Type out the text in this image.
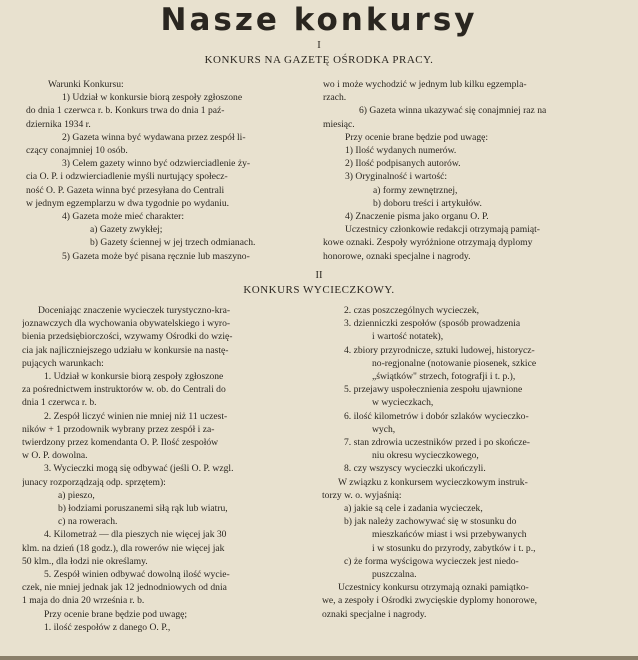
Nasze konkursy
I
KONKURS NA GAZETĘ OŚRODKA PRACY.
Warunki Konkursu:
1) Udział w konkursie biorą zespoły zgłoszone
do dnia 1 czerwca r. b. Konkurs trwa do dnia 1 paź-
dziernika 1934 r.
2) Gazeta winna być wydawana przez zespół li-
czący conajmniej 10 osób.
3) Celem gazety winno być odzwierciadlenie ży-
cia O. P. i odzwierciadlenie myśli nurtujący społecz-
ność O. P. Gazeta winna być przesyłana do Centrali
w jednym egzemplarzu w dwa tygodnie po wydaniu.
4) Gazeta może mieć charakter:
a) Gazety zwykłej;
b) Gazety ściennej w jej trzech odmianach.
5) Gazeta może być pisana ręcznie lub maszyno-
wo i może wychodzić w jednym lub kilku egzempla-
rzach.
6) Gazeta winna ukazywać się conajmniej raz na
miesiąc.
Przy ocenie brane będzie pod uwagę:
1) Ilość wydanych numerów.
2) Ilość podpisanych autorów.
3) Oryginalność i wartość:
a) formy zewnętrznej,
b) doboru treści i artykułów.
4) Znaczenie pisma jako organu O. P.
Uczestnicy członkowie redakcji otrzymają pamiąt-
kowe oznaki. Zespoły wyróżnione otrzymają dyplomy
honorowe, oznaki specjalne i nagrody.
II
KONKURS WYCIECZKOWY.
Doceniając znaczenie wycieczek turystyczno-kra-
joznawczych dla wychowania obywatelskiego i wyro-
bienia przedsiębiorczości, wzywamy Ośrodki do wzię-
cia jak najliczniejszego udziału w konkursie na nastę-
pujących warunkach:
1. Udział w konkursie biorą zespoły zgłoszone
za pośrednictwem instruktorów w. ob. do Centrali do
dnia 1 czerwca r. b.
2. Zespół liczyć winien nie mniej niż 11 uczest-
ników + 1 przodownik wybrany przez zespół i za-
twierdzony przez komendanta O. P. Ilość zespołów
w O. P. dowolna.
3. Wycieczki mogą się odbywać (jeśli O. P. wzgl.
junacy rozporządzają odp. sprzętem):
a) pieszo,
b) łodziami poruszanemi siłą rąk lub wiatru,
c) na rowerach.
4. Kilometraż — dla pieszych nie więcej jak 30
klm. na dzień (18 godz.), dla rowerów nie więcej jak
50 klm., dla łodzi nie określamy.
5. Zespół winien odbywać dowolną ilość wycie-
czek, nie mniej jednak jak 12 jednodniowych od dnia
1 maja do dnia 20 września r. b.
Przy ocenie brane będzie pod uwagę;
1. ilość zespołów z danego O. P.,
2. czas poszczególnych wycieczek,
3. dzienniczki zespołów (sposób prowadzenia
i wartość notatek),
4. zbiory przyrodnicze, sztuki ludowej, historycz-
no-regjonalne (notowanie piosenek, szkice
„świątków" strzech, fotografji i t. p.),
5. przejawy uspołecznienia zespołu ujawnione
w wycieczkach,
6. ilość kilometrów i dobór szlaków wycieczko-
wych,
7. stan zdrowia uczestników przed i po skończe-
niu okresu wycieczkowego,
8. czy wszyscy wycieczki ukończyli.
W związku z konkursem wycieczkowym instruk-
torzy w. o. wyjaśnią:
a) jakie są cele i zadania wycieczek,
b) jak należy zachowywać się w stosunku do
mieszkańców miast i wsi przebywanych
i w stosunku do przyrody, zabytków i t. p.,
c) że forma wyścigowa wycieczek jest niedo-
puszczalna.
Uczestnicy konkursu otrzymają oznaki pamiątko-
we, a zespoły i Ośrodki zwycięskie dyplomy honorowe,
oznaki specjalne i nagrody.
